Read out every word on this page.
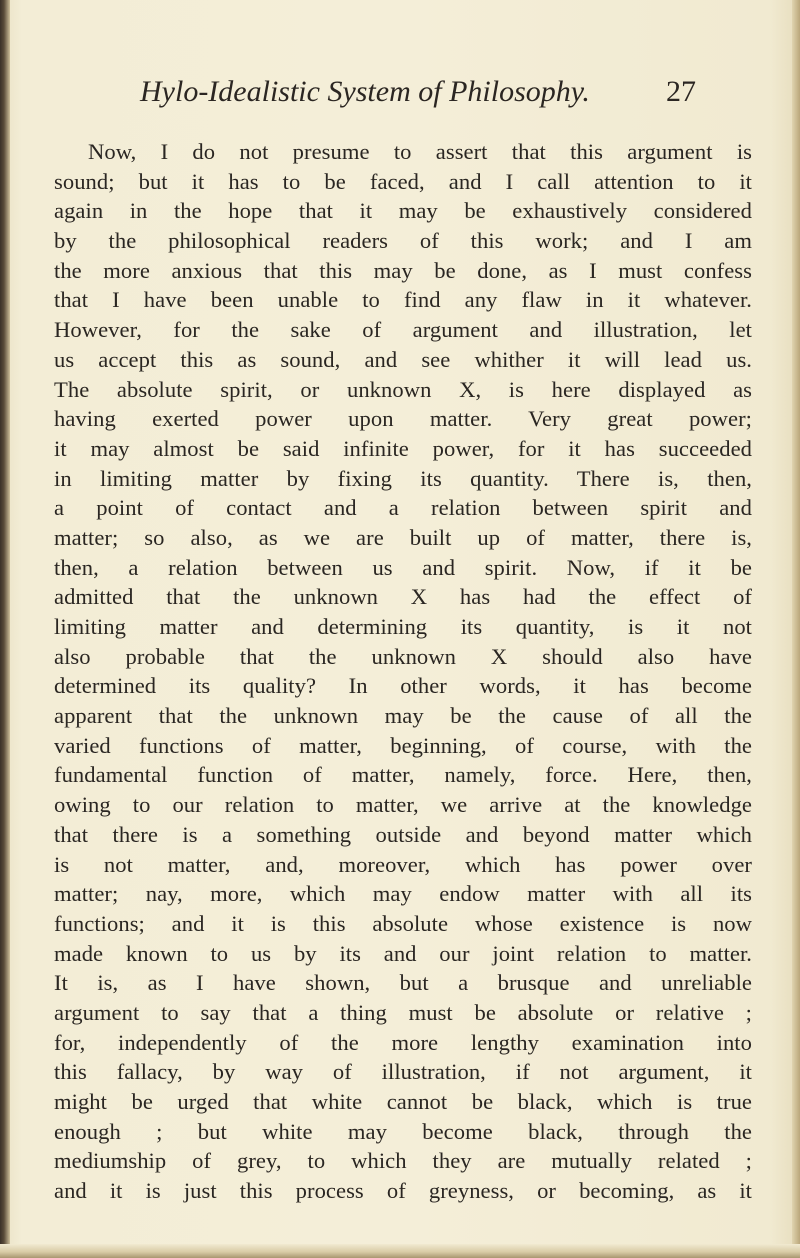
Hylo-Idealistic System of Philosophy.	27
Now, I do not presume to assert that this argument is
sound; but it has to be faced, and I call attention to it
again in the hope that it may be exhaustively considered
by the philosophical readers of this work; and I am
the more anxious that this may be done, as I must confess
that I have been unable to find any flaw in it whatever.
However, for the sake of argument and illustration, let
us accept this as sound, and see whither it will lead us.
The absolute spirit, or unknown X, is here displayed as
having exerted power upon matter. Very great power;
it may almost be said infinite power, for it has succeeded
in limiting matter by fixing its quantity. There is, then,
a point of contact and a relation between spirit and
matter; so also, as we are built up of matter, there is,
then, a relation between us and spirit. Now, if it be
admitted that the unknown X has had the effect of
limiting matter and determining its quantity, is it not
also probable that the unknown X should also have
determined its quality? In other words, it has become
apparent that the unknown may be the cause of all the
varied functions of matter, beginning, of course, with the
fundamental function of matter, namely, force. Here, then,
owing to our relation to matter, we arrive at the knowledge
that there is a something outside and beyond matter which
is not matter, and, moreover, which has power over
matter; nay, more, which may endow matter with all its
functions; and it is this absolute whose existence is now
made known to us by its and our joint relation to matter.
It is, as I have shown, but a brusque and unreliable
argument to say that a thing must be absolute or relative ;
for, independently of the more lengthy examination into
this fallacy, by way of illustration, if not argument, it
might be urged that white cannot be black, which is true
enough ; but white may become black, through the
mediumship of grey, to which they are mutually related ;
and it is just this process of greyness, or becoming, as it
